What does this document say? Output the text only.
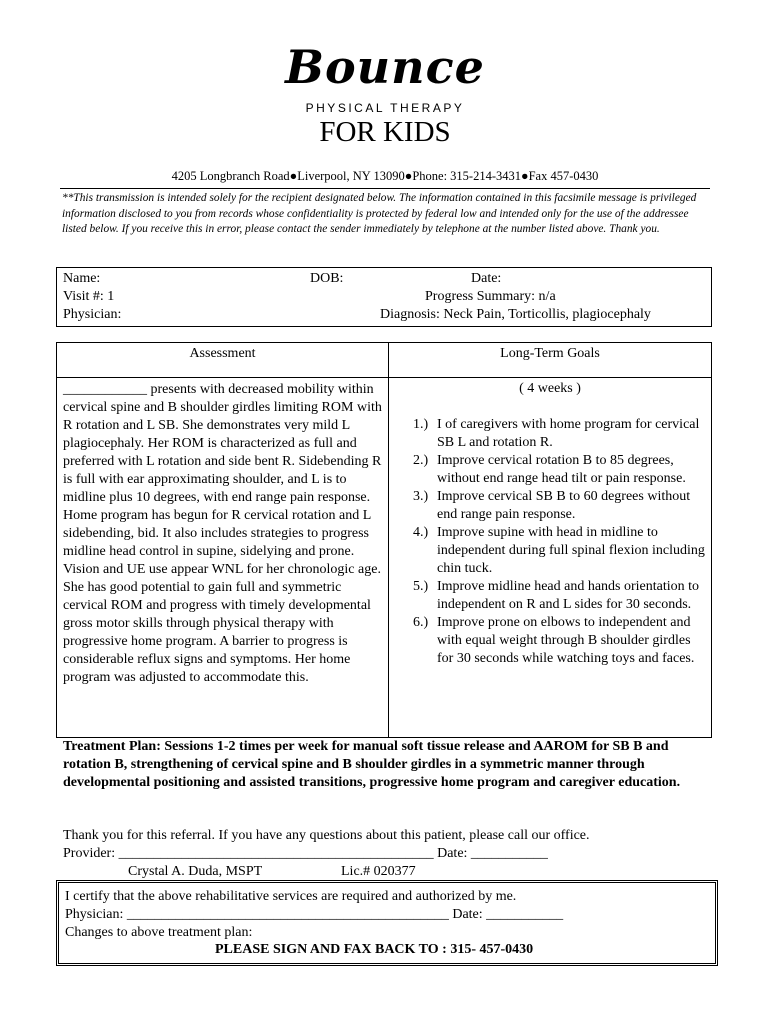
Bounce
PHYSICAL THERAPY
FOR KIDS
4205 Longbranch Road●Liverpool, NY 13090●Phone: 315-214-3431●Fax 457-0430
**This transmission is intended solely for the recipient designated below. The information contained in this facsimile message is privileged information disclosed to you from records whose confidentiality is protected by federal low and intended only for the use of the addressee listed below. If you receive this in error, please contact the sender immediately by telephone at the number listed above. Thank you.
Name:	DOB:	Date:
Visit #: 1	Progress Summary: n/a
Physician:	Diagnosis: Neck Pain, Torticollis, plagiocephaly
Assessment	Long-Term Goals
____________ presents with decreased mobility within cervical spine and B shoulder girdles limiting ROM with R rotation and L SB. She demonstrates very mild L plagiocephaly. Her ROM is characterized as full and preferred with L rotation and side bent R. Sidebending R is full with ear approximating shoulder, and L is to midline plus 10 degrees, with end range pain response. Home program has begun for R cervical rotation and L sidebending, bid. It also includes strategies to progress midline head control in supine, sidelying and prone. Vision and UE use appear WNL for her chronologic age. She has good potential to gain full and symmetric cervical ROM and progress with timely developmental gross motor skills through physical therapy with progressive home program. A barrier to progress is considerable reflux signs and symptoms. Her home program was adjusted to accommodate this.
( 4 weeks )
1.) I of caregivers with home program for cervical SB L and rotation R.
2.) Improve cervical rotation B to 85 degrees, without end range head tilt or pain response.
3.) Improve cervical SB B to 60 degrees without end range pain response.
4.) Improve supine with head in midline to independent during full spinal flexion including chin tuck.
5.) Improve midline head and hands orientation to independent on R and L sides for 30 seconds.
6.) Improve prone on elbows to independent and with equal weight through B shoulder girdles for 30 seconds while watching toys and faces.
Treatment Plan: Sessions 1-2 times per week for manual soft tissue release and AAROM for SB B and rotation B, strengthening of cervical spine and B shoulder girdles in a symmetric manner through developmental positioning and assisted transitions, progressive home program and caregiver education.
Thank you for this referral. If you have any questions about this patient, please call our office.
Provider: _____________________________________________ Date: ___________
Crystal A. Duda, MSPT	Lic.# 020377
I certify that the above rehabilitative services are required and authorized by me.
Physician: ______________________________________________ Date: ___________
Changes to above treatment plan:
PLEASE SIGN AND FAX BACK TO : 315- 457-0430
